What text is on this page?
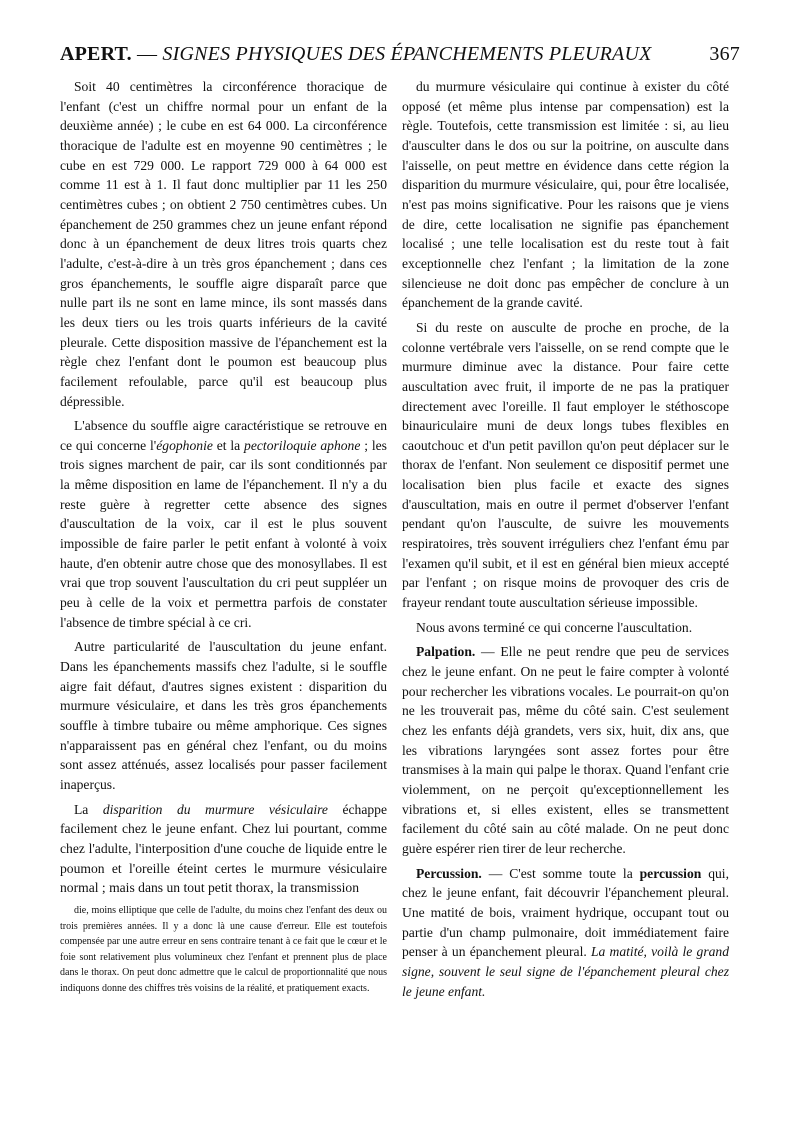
APERT. — SIGNES PHYSIQUES DES ÉPANCHEMENTS PLEURAUX	367

Soit 40 centimètres la circonférence thoracique de l'enfant (c'est un chiffre normal pour un enfant de la deuxième année) ; le cube en est 64 000. La circonférence thoracique de l'adulte est en moyenne 90 centimètres ; le cube en est 729 000. Le rapport 729 000 à 64 000 est comme 11 est à 1. Il faut donc multiplier par 11 les 250 centimètres cubes ; on obtient 2 750 centimètres cubes. Un épanchement de 250 grammes chez un jeune enfant répond donc à un épanchement de deux litres trois quarts chez l'adulte, c'est-à-dire à un très gros épanchement ; dans ces gros épanchements, le souffle aigre disparaît parce que nulle part ils ne sont en lame mince, ils sont massés dans les deux tiers ou les trois quarts inférieurs de la cavité pleurale. Cette disposition massive de l'épanchement est la règle chez l'enfant dont le poumon est beaucoup plus facilement refoulable, parce qu'il est beaucoup plus dépressible.

L'absence du souffle aigre caractéristique se retrouve en ce qui concerne l'égophonie et la pectoriloquie aphone ; les trois signes marchent de pair, car ils sont conditionnés par la même disposition en lame de l'épanchement. Il n'y a du reste guère à regretter cette absence des signes d'auscultation de la voix, car il est le plus souvent impossible de faire parler le petit enfant à volonté à voix haute, d'en obtenir autre chose que des monosyllabes. Il est vrai que trop souvent l'auscultation du cri peut suppléer un peu à celle de la voix et permettra parfois de constater l'absence de timbre spécial à ce cri.

Autre particularité de l'auscultation du jeune enfant. Dans les épanchements massifs chez l'adulte, si le souffle aigre fait défaut, d'autres signes existent : disparition du murmure vésiculaire, et dans les très gros épanchements souffle à timbre tubaire ou même amphorique. Ces signes n'apparaissent pas en général chez l'enfant, ou du moins sont assez atténués, assez localisés pour passer facilement inaperçus.

La disparition du murmure vésiculaire échappe facilement chez le jeune enfant. Chez lui pourtant, comme chez l'adulte, l'interposition d'une couche de liquide entre le poumon et l'oreille éteint certes le murmure vésiculaire normal ; mais dans un tout petit thorax, la transmission

die, moins elliptique que celle de l'adulte, du moins chez l'enfant des deux ou trois premières années. Il y a donc là une cause d'erreur. Elle est toutefois compensée par une autre erreur en sens contraire tenant à ce fait que le cœur et le foie sont relativement plus volumineux chez l'enfant et prennent plus de place dans le thorax. On peut donc admettre que le calcul de proportionnalité que nous indiquons donne des chiffres très voisins de la réalité, et pratiquement exacts.

du murmure vésiculaire qui continue à exister du côté opposé (et même plus intense par compensation) est la règle. Toutefois, cette transmission est limitée : si, au lieu d'ausculter dans le dos ou sur la poitrine, on ausculte dans l'aisselle, on peut mettre en évidence dans cette région la disparition du murmure vésiculaire, qui, pour être localisée, n'est pas moins significative. Pour les raisons que je viens de dire, cette localisation ne signifie pas épanchement localisé ; une telle localisation est du reste tout à fait exceptionnelle chez l'enfant ; la limitation de la zone silencieuse ne doit donc pas empêcher de conclure à un épanchement de la grande cavité.

Si du reste on ausculte de proche en proche, de la colonne vertébrale vers l'aisselle, on se rend compte que le murmure diminue avec la distance. Pour faire cette auscultation avec fruit, il importe de ne pas la pratiquer directement avec l'oreille. Il faut employer le stéthoscope binauriculaire muni de deux longs tubes flexibles en caoutchouc et d'un petit pavillon qu'on peut déplacer sur le thorax de l'enfant. Non seulement ce dispositif permet une localisation bien plus facile et exacte des signes d'auscultation, mais en outre il permet d'observer l'enfant pendant qu'on l'ausculte, de suivre les mouvements respiratoires, très souvent irréguliers chez l'enfant ému par l'examen qu'il subit, et il est en général bien mieux accepté par l'enfant ; on risque moins de provoquer des cris de frayeur rendant toute auscultation sérieuse impossible.

Nous avons terminé ce qui concerne l'auscultation.

Palpation. — Elle ne peut rendre que peu de services chez le jeune enfant. On ne peut le faire compter à volonté pour rechercher les vibrations vocales. Le pourrait-on qu'on ne les trouverait pas, même du côté sain. C'est seulement chez les enfants déjà grandets, vers six, huit, dix ans, que les vibrations laryngées sont assez fortes pour être transmises à la main qui palpe le thorax. Quand l'enfant crie violemment, on ne perçoit qu'exceptionnellement les vibrations et, si elles existent, elles se transmettent facilement du côté sain au côté malade. On ne peut donc guère espérer rien tirer de leur recherche.

Percussion. — C'est somme toute la percussion qui, chez le jeune enfant, fait découvrir l'épanchement pleural. Une matité de bois, vraiment hydrique, occupant tout ou partie d'un champ pulmonaire, doit immédiatement faire penser à un épanchement pleural. La matité, voilà le grand signe, souvent le seul signe de l'épanchement pleural chez le jeune enfant.
